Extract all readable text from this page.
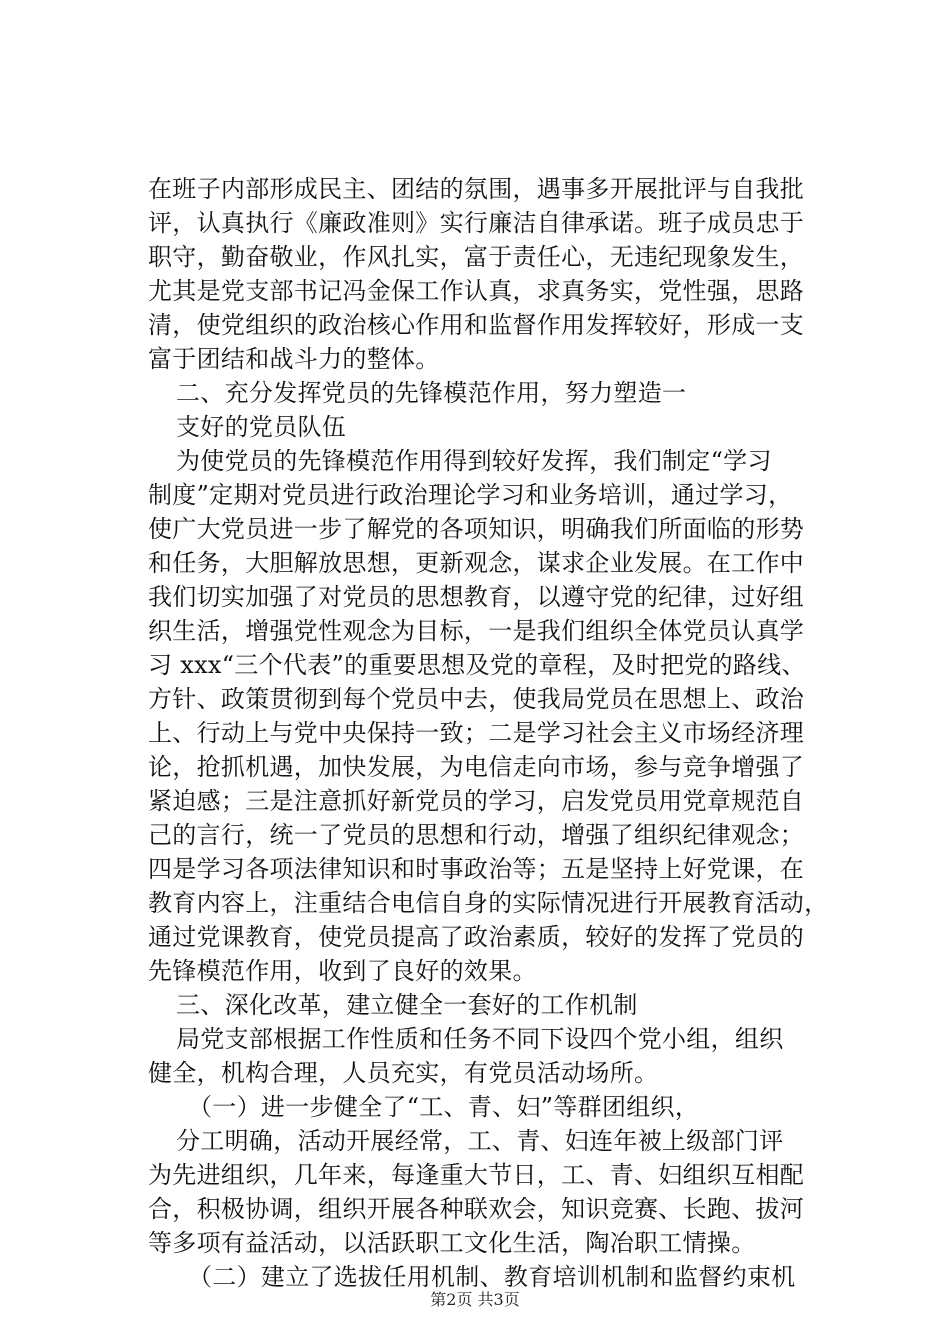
在班子内部形成民主、团结的氛围，遇事多开展批评与自我批
评，认真执行《廉政准则》实行廉洁自律承诺。班子成员忠于
职守，勤奋敬业，作风扎实，富于责任心，无违纪现象发生，
尤其是党支部书记冯金保工作认真，求真务实，党性强，思路
清，使党组织的政治核心作用和监督作用发挥较好，形成一支
富于团结和战斗力的整体。
二、充分发挥党员的先锋模范作用，努力塑造一
支好的党员队伍
为使党员的先锋模范作用得到较好发挥，我们制定“学习
制度”定期对党员进行政治理论学习和业务培训，通过学习，
使广大党员进一步了解党的各项知识，明确我们所面临的形势
和任务，大胆解放思想，更新观念，谋求企业发展。在工作中
我们切实加强了对党员的思想教育，以遵守党的纪律，过好组
织生活，增强党性观念为目标，一是我们组织全体党员认真学
习 xxx“三个代表”的重要思想及党的章程，及时把党的路线、
方针、政策贯彻到每个党员中去，使我局党员在思想上、政治
上、行动上与党中央保持一致；二是学习社会主义市场经济理
论，抢抓机遇，加快发展，为电信走向市场，参与竞争增强了
紧迫感；三是注意抓好新党员的学习，启发党员用党章规范自
己的言行，统一了党员的思想和行动，增强了组织纪律观念；
四是学习各项法律知识和时事政治等；五是坚持上好党课，在
教育内容上，注重结合电信自身的实际情况进行开展教育活动，
通过党课教育，使党员提高了政治素质，较好的发挥了党员的
先锋模范作用，收到了良好的效果。
三、深化改革，建立健全一套好的工作机制
局党支部根据工作性质和任务不同下设四个党小组，组织
健全，机构合理，人员充实，有党员活动场所。
（一）进一步健全了“工、青、妇”等群团组织，
分工明确，活动开展经常，工、青、妇连年被上级部门评
为先进组织，几年来，每逢重大节日，工、青、妇组织互相配
合，积极协调，组织开展各种联欢会，知识竞赛、长跑、拔河
等多项有益活动，以活跃职工文化生活，陶冶职工情操。
（二）建立了选拔任用机制、教育培训机制和监督约束机
第2页 共3页
